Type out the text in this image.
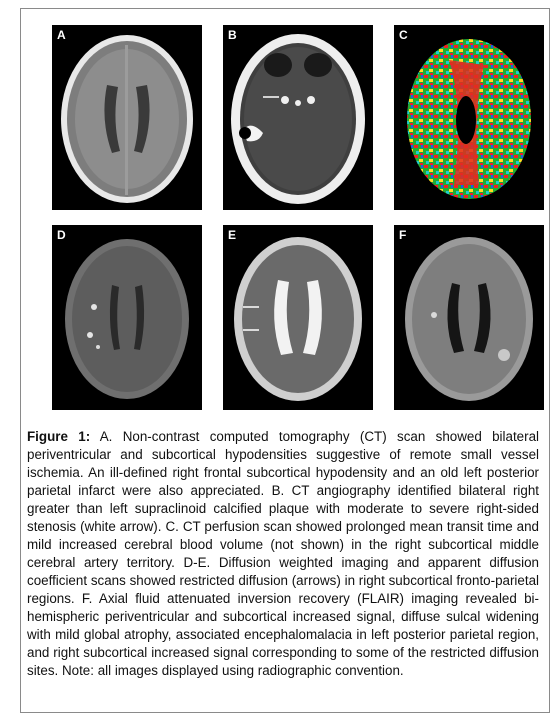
A	B	C
D	E	F

Figure 1: A. Non-contrast computed tomography (CT) scan showed bilateral periventricular and subcortical hypodensities suggestive of remote small vessel ischemia. An ill-defined right frontal subcortical hypodensity and an old left posterior parietal infarct were also appreciated. B. CT angiography identified bilateral right greater than left supraclinoid calcified plaque with moderate to severe right-sided stenosis (white arrow). C. CT perfusion scan showed prolonged mean transit time and mild increased cerebral blood volume (not shown) in the right subcortical middle cerebral artery territory. D-E. Diffusion weighted imaging and apparent diffusion coefficient scans showed restricted diffusion (arrows) in right subcortical fronto-parietal regions. F. Axial fluid attenuated inversion recovery (FLAIR) imaging revealed bi-hemispheric periventricular and subcortical increased signal, diffuse sulcal widening with mild global atrophy, associated encephalomalacia in left posterior parietal region, and right subcortical increased signal corresponding to some of the restricted diffusion sites. Note: all images displayed using radiographic convention.
